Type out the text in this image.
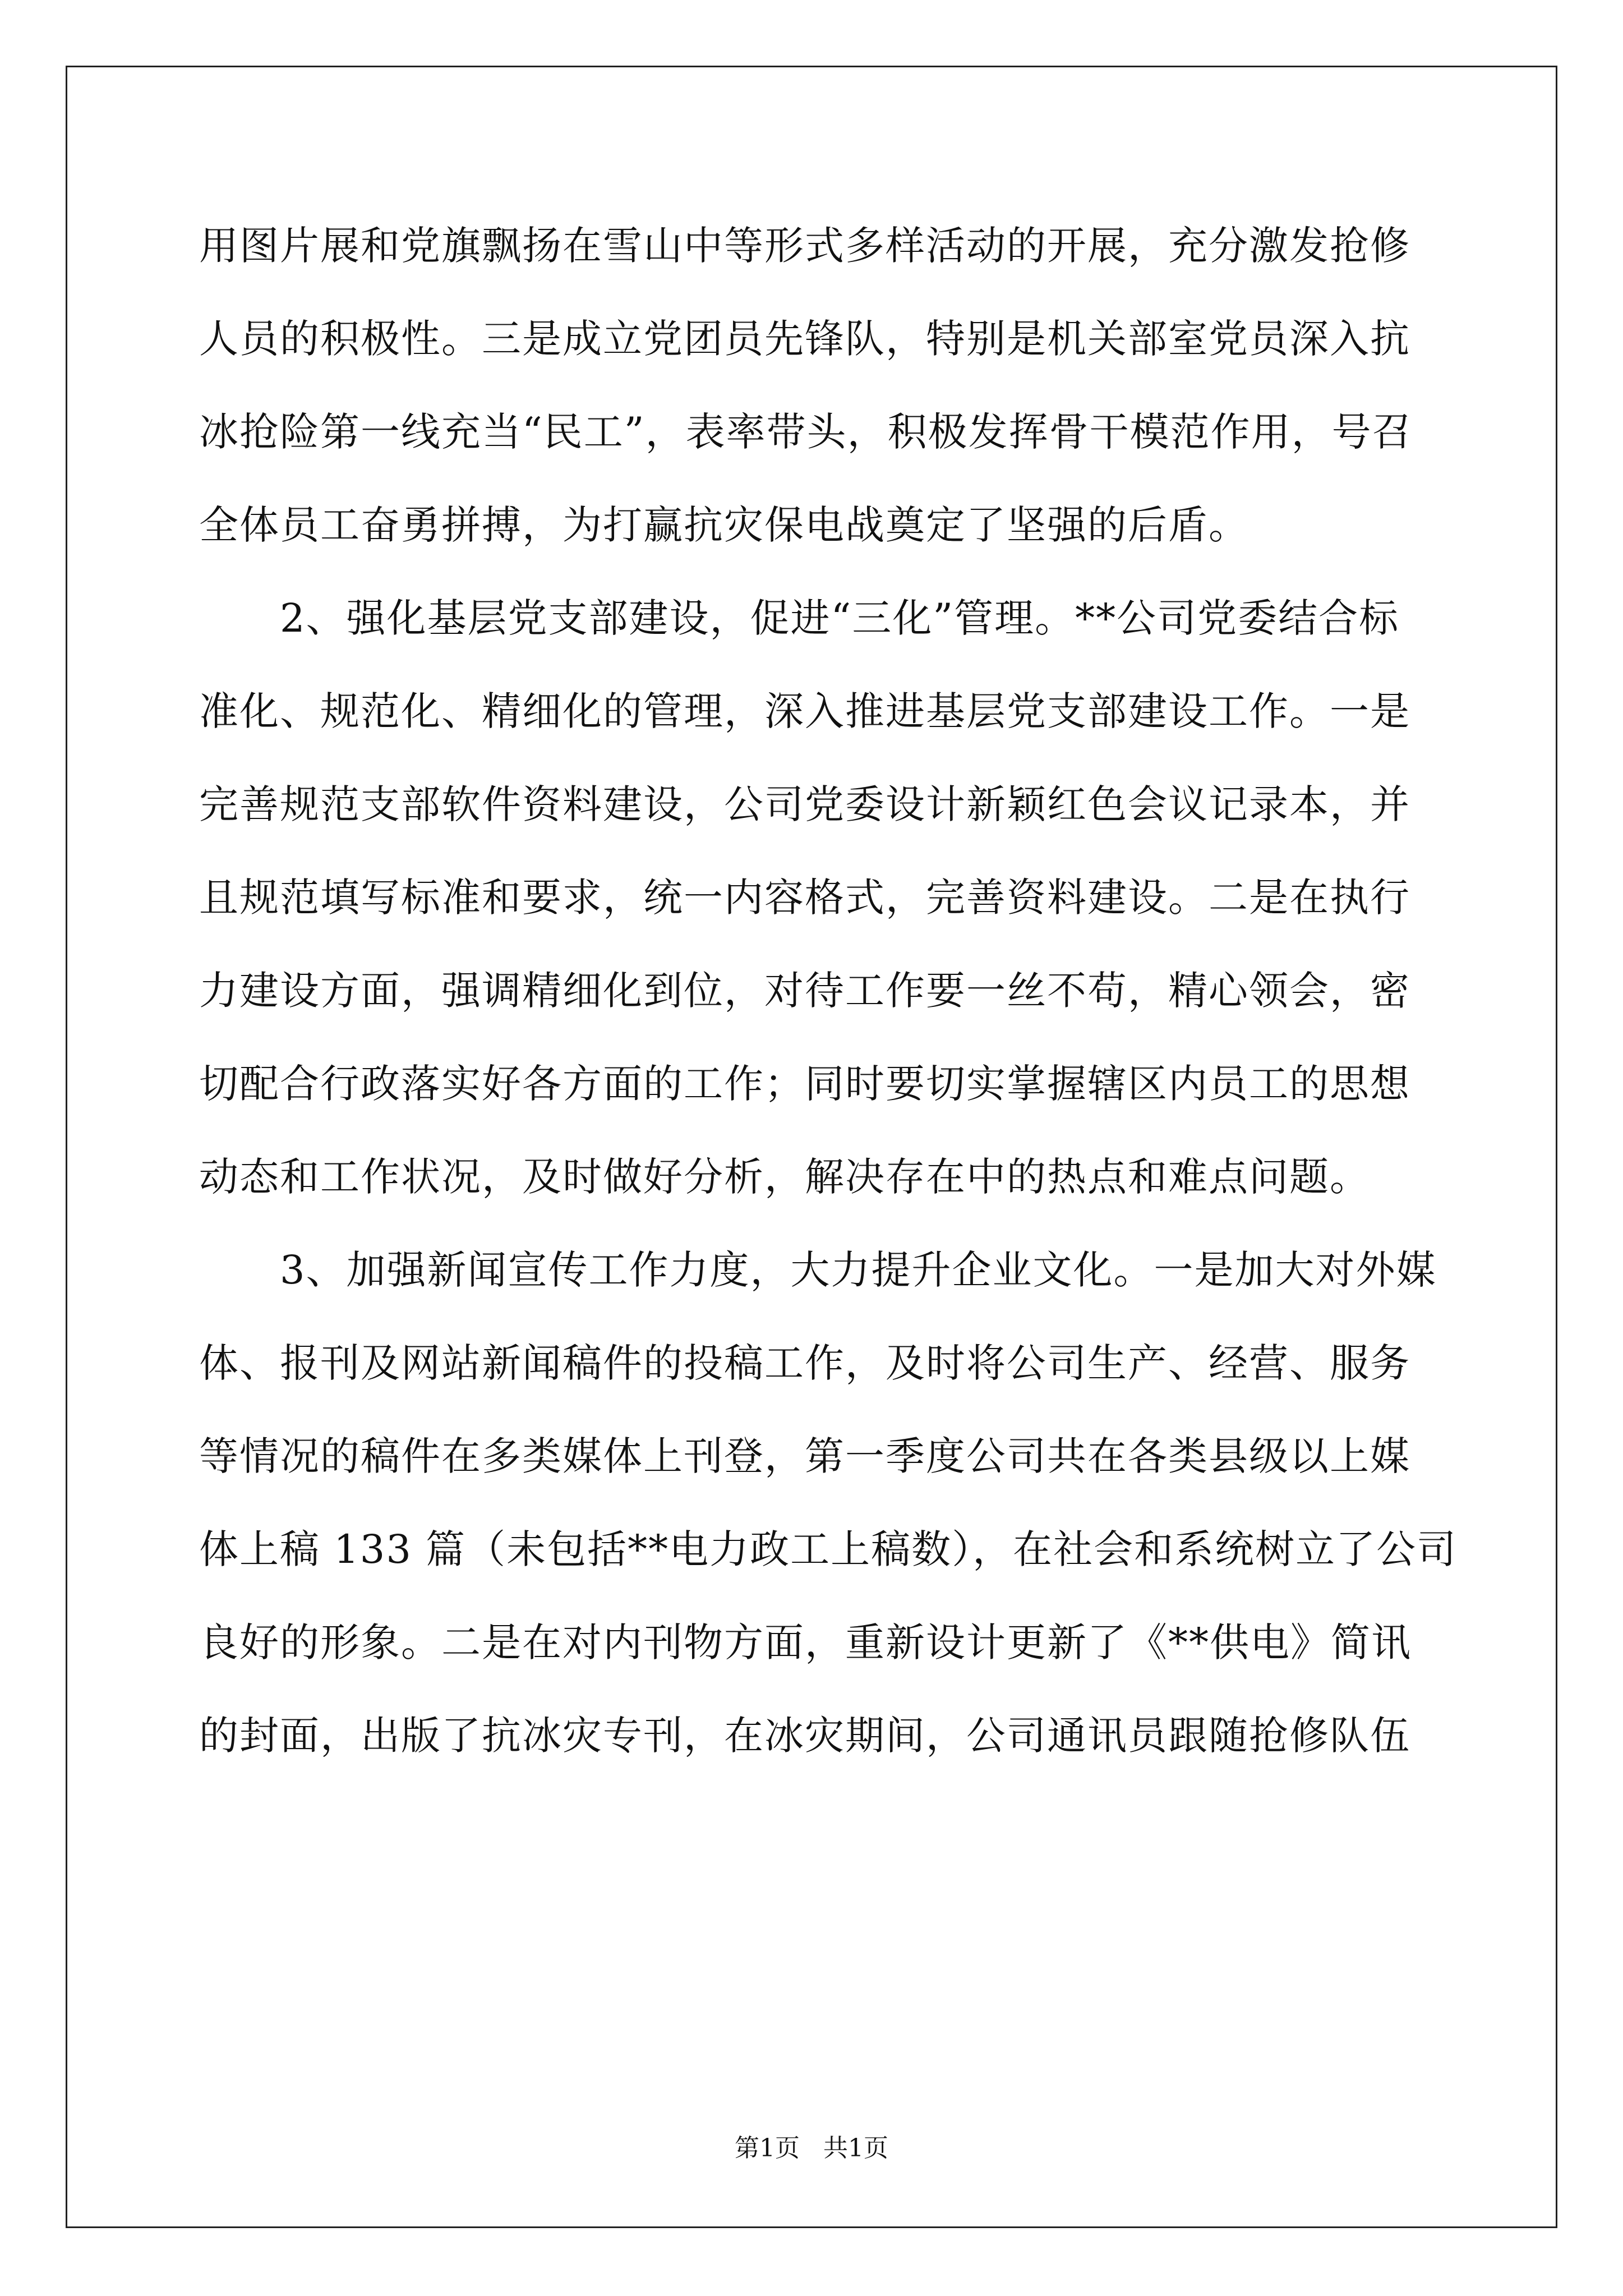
用图片展和党旗飘扬在雪山中等形式多样活动的开展，充分激发抢修
人员的积极性。三是成立党团员先锋队，特别是机关部室党员深入抗
冰抢险第一线充当“民工”，表率带头，积极发挥骨干模范作用，号召
全体员工奋勇拼搏，为打赢抗灾保电战奠定了坚强的后盾。
　　2、强化基层党支部建设，促进“三化”管理。**公司党委结合标
准化、规范化、精细化的管理，深入推进基层党支部建设工作。一是
完善规范支部软件资料建设，公司党委设计新颖红色会议记录本，并
且规范填写标准和要求，统一内容格式，完善资料建设。二是在执行
力建设方面，强调精细化到位，对待工作要一丝不苟，精心领会，密
切配合行政落实好各方面的工作；同时要切实掌握辖区内员工的思想
动态和工作状况，及时做好分析，解决存在中的热点和难点问题。
　　3、加强新闻宣传工作力度，大力提升企业文化。一是加大对外媒
体、报刊及网站新闻稿件的投稿工作，及时将公司生产、经营、服务
等情况的稿件在多类媒体上刊登，第一季度公司共在各类县级以上媒
体上稿 133 篇（未包括**电力政工上稿数），在社会和系统树立了公司
良好的形象。二是在对内刊物方面，重新设计更新了《**供电》简讯
的封面，出版了抗冰灾专刊，在冰灾期间，公司通讯员跟随抢修队伍
第1页   共1页
